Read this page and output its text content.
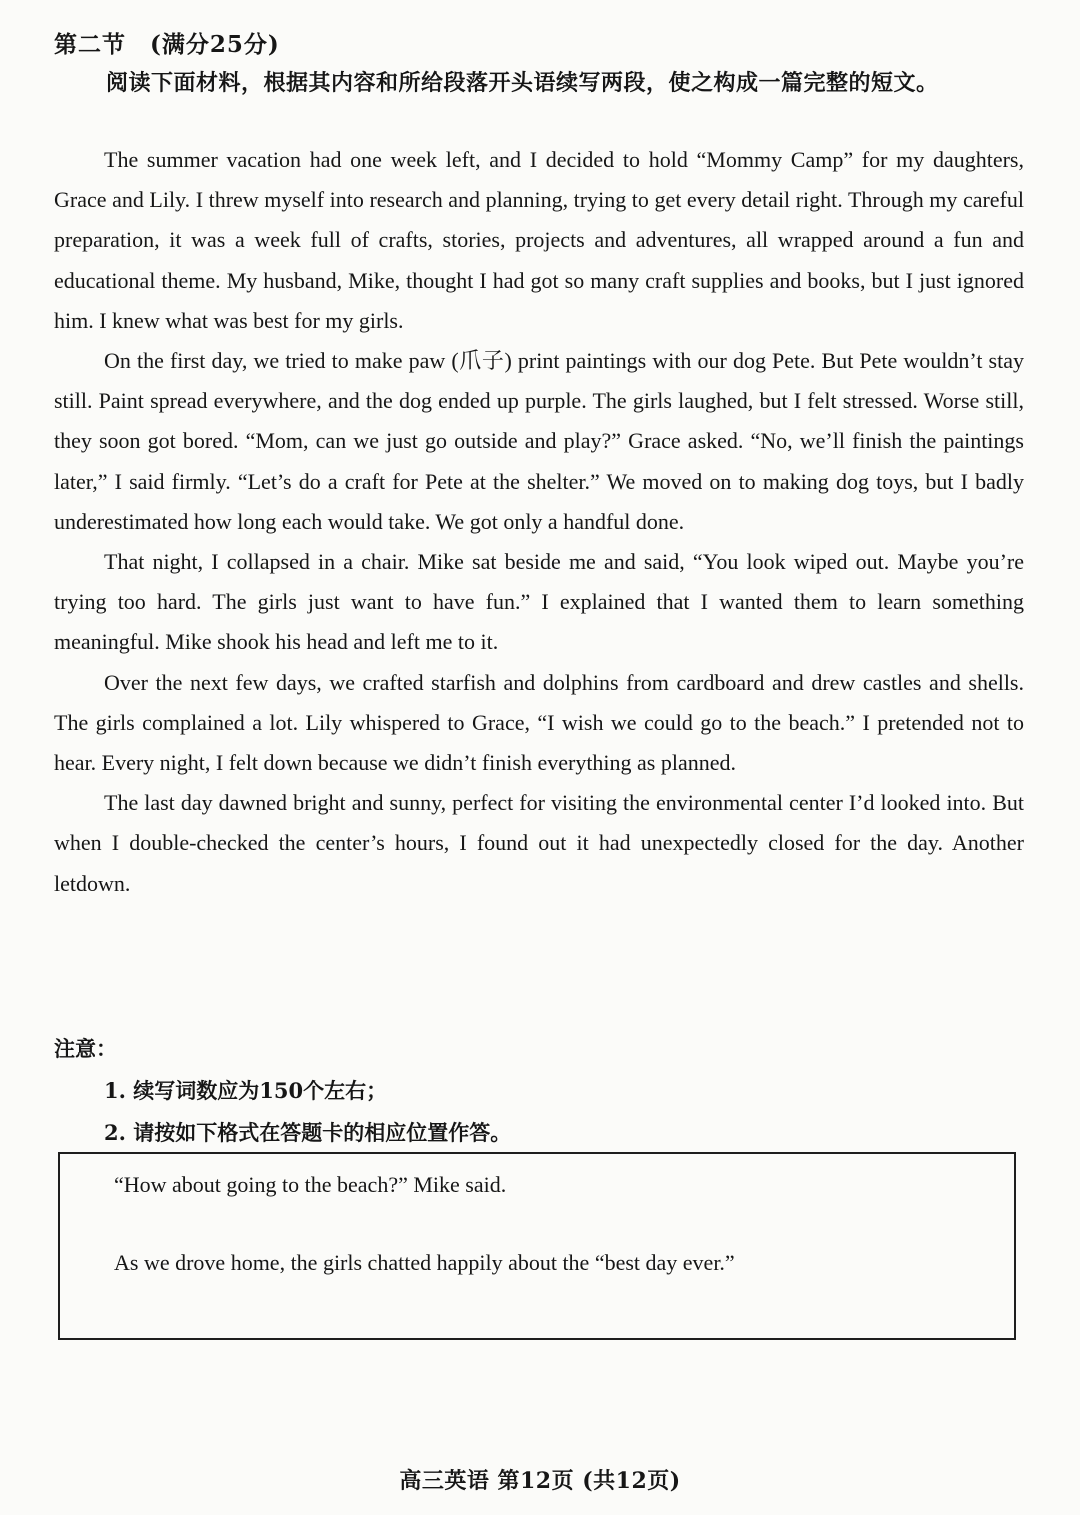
第二节　(满分25分)
阅读下面材料，根据其内容和所给段落开头语续写两段，使之构成一篇完整的短文。

The summer vacation had one week left, and I decided to hold “Mommy Camp” for my daughters, Grace and Lily. I threw myself into research and planning, trying to get every detail right. Through my careful preparation, it was a week full of crafts, stories, projects and adventures, all wrapped around a fun and educational theme. My husband, Mike, thought I had got so many craft supplies and books, but I just ignored him. I knew what was best for my girls.

On the first day, we tried to make paw (爪子) print paintings with our dog Pete. But Pete wouldn’t stay still. Paint spread everywhere, and the dog ended up purple. The girls laughed, but I felt stressed. Worse still, they soon got bored. “Mom, can we just go outside and play?” Grace asked. “No, we’ll finish the paintings later,” I said firmly. “Let’s do a craft for Pete at the shelter.” We moved on to making dog toys, but I badly underestimated how long each would take. We got only a handful done.

That night, I collapsed in a chair. Mike sat beside me and said, “You look wiped out. Maybe you’re trying too hard. The girls just want to have fun.” I explained that I wanted them to learn something meaningful. Mike shook his head and left me to it.

Over the next few days, we crafted starfish and dolphins from cardboard and drew castles and shells. The girls complained a lot. Lily whispered to Grace, “I wish we could go to the beach.” I pretended not to hear. Every night, I felt down because we didn’t finish everything as planned.

The last day dawned bright and sunny, perfect for visiting the environmental center I’d looked into. But when I double-checked the center’s hours, I found out it had unexpectedly closed for the day. Another letdown.

注意：
1. 续写词数应为150个左右；
2. 请按如下格式在答题卡的相应位置作答。
“How about going to the beach?” Mike said.
As we drove home, the girls chatted happily about the “best day ever.”
高三英语 第12页 (共12页)
